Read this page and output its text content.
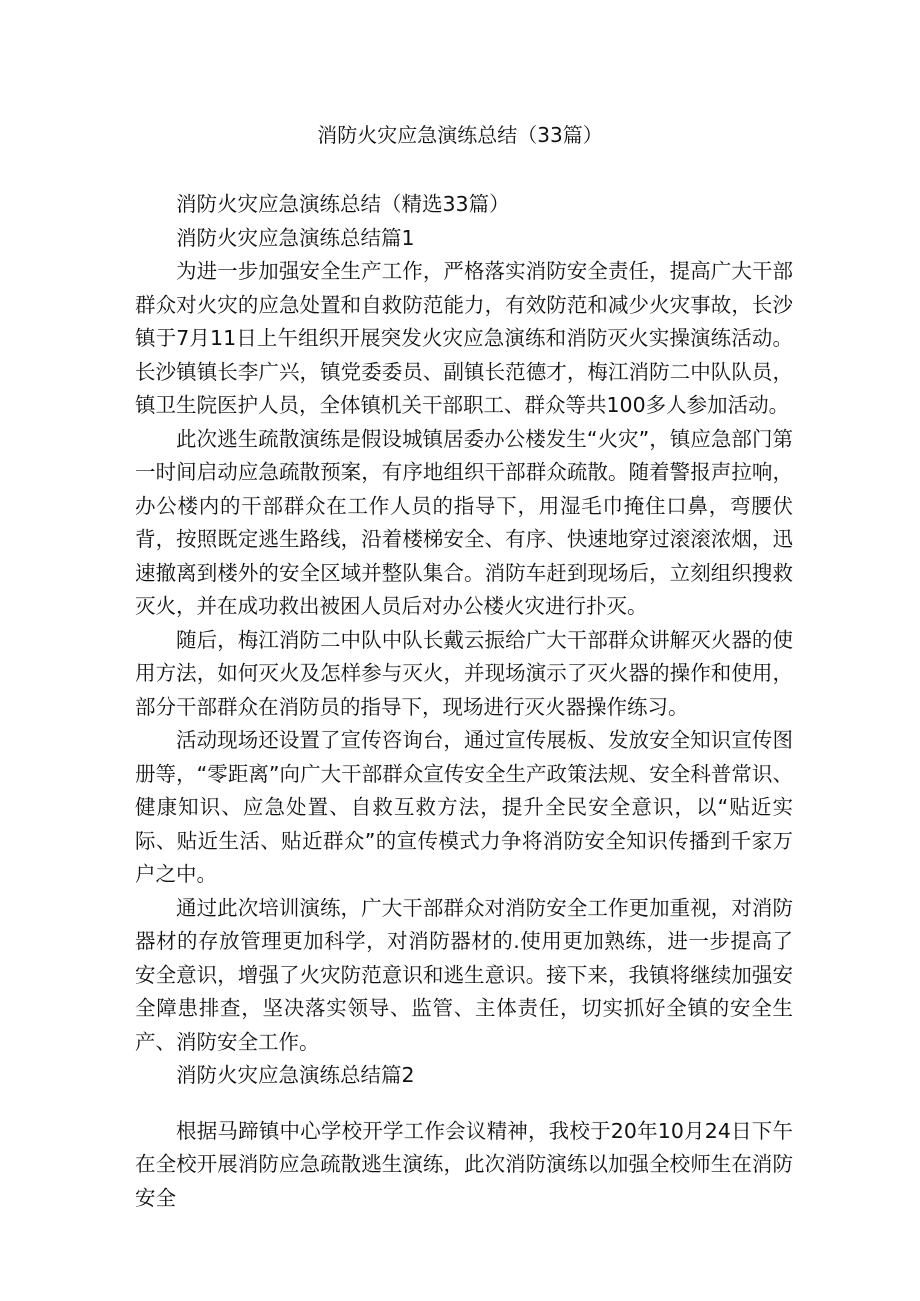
消防火灾应急演练总结（33篇）

消防火灾应急演练总结（精选33篇）

消防火灾应急演练总结篇1

为进一步加强安全生产工作，严格落实消防安全责任，提高广大干部群众对火灾的应急处置和自救防范能力，有效防范和减少火灾事故，长沙镇于7月11日上午组织开展突发火灾应急演练和消防灭火实操演练活动。长沙镇镇长李广兴，镇党委委员、副镇长范德才，梅江消防二中队队员，镇卫生院医护人员，全体镇机关干部职工、群众等共100多人参加活动。

此次逃生疏散演练是假设城镇居委办公楼发生“火灾”，镇应急部门第一时间启动应急疏散预案，有序地组织干部群众疏散。随着警报声拉响，办公楼内的干部群众在工作人员的指导下，用湿毛巾掩住口鼻，弯腰伏背，按照既定逃生路线，沿着楼梯安全、有序、快速地穿过滚滚浓烟，迅速撤离到楼外的安全区域并整队集合。消防车赶到现场后，立刻组织搜救灭火，并在成功救出被困人员后对办公楼火灾进行扑灭。

随后，梅江消防二中队中队长戴云振给广大干部群众讲解灭火器的使用方法，如何灭火及怎样参与灭火，并现场演示了灭火器的操作和使用，部分干部群众在消防员的指导下，现场进行灭火器操作练习。

活动现场还设置了宣传咨询台，通过宣传展板、发放安全知识宣传图册等，“零距离”向广大干部群众宣传安全生产政策法规、安全科普常识、健康知识、应急处置、自救互救方法，提升全民安全意识，以“贴近实际、贴近生活、贴近群众”的宣传模式力争将消防安全知识传播到千家万户之中。

通过此次培训演练，广大干部群众对消防安全工作更加重视，对消防器材的存放管理更加科学，对消防器材的.使用更加熟练，进一步提高了安全意识，增强了火灾防范意识和逃生意识。接下来，我镇将继续加强安全障患排查，坚决落实领导、监管、主体责任，切实抓好全镇的安全生产、消防安全工作。

消防火灾应急演练总结篇2

根据马蹄镇中心学校开学工作会议精神，我校于20年10月24日下午在全校开展消防应急疏散逃生演练，此次消防演练以加强全校师生在消防安全
